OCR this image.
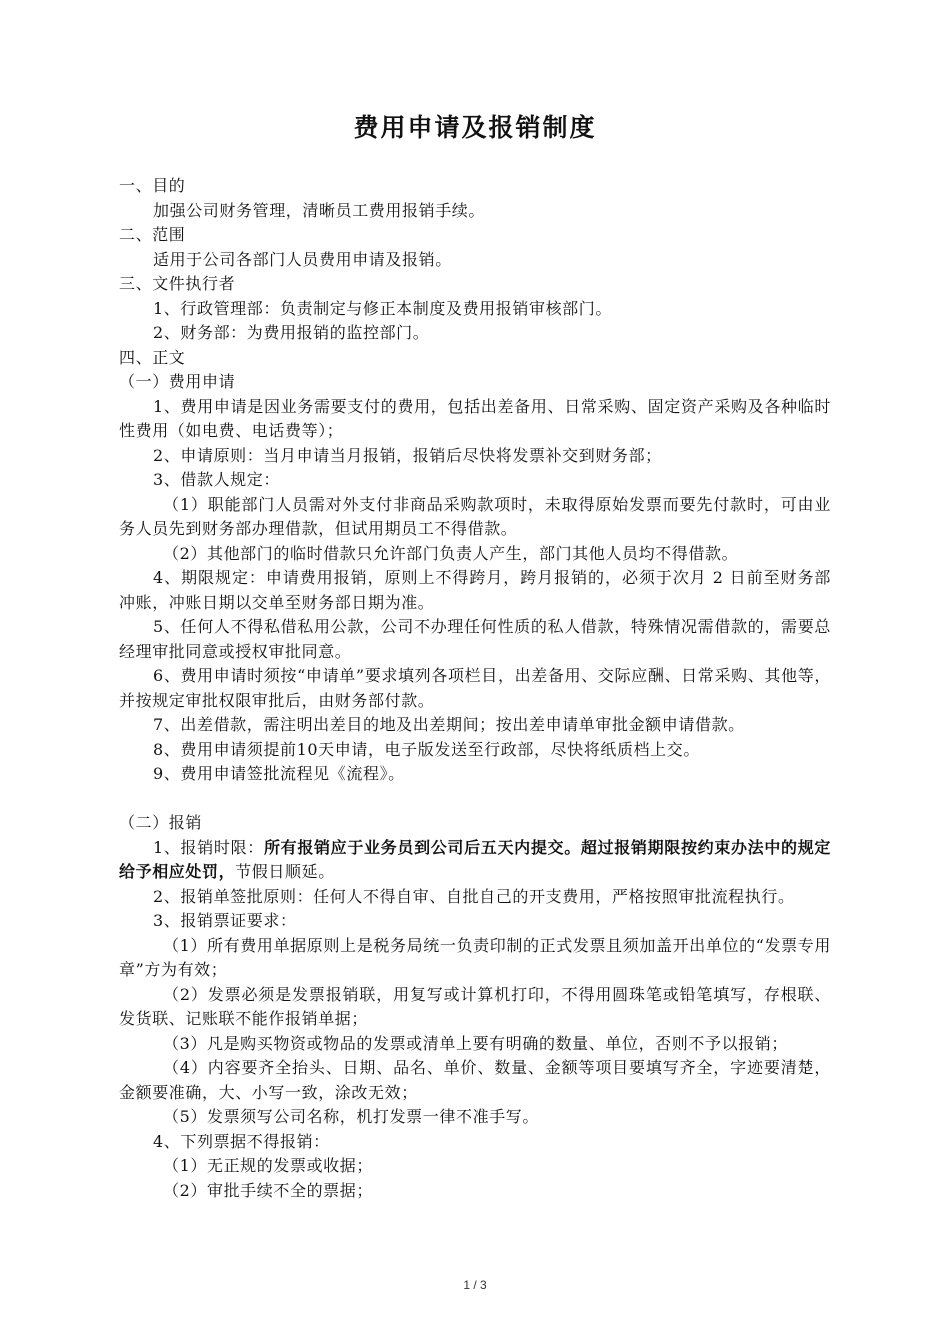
费用申请及报销制度
一、目的
加强公司财务管理，清晰员工费用报销手续。
二、范围
适用于公司各部门人员费用申请及报销。
三、文件执行者
1、行政管理部：负责制定与修正本制度及费用报销审核部门。
2、财务部：为费用报销的监控部门。
四、正文
（一）费用申请
1、费用申请是因业务需要支付的费用，包括出差备用、日常采购、固定资产采购及各种临时性费用（如电费、电话费等）；
2、申请原则：当月申请当月报销，报销后尽快将发票补交到财务部；
3、借款人规定：
（1）职能部门人员需对外支付非商品采购款项时，未取得原始发票而要先付款时，可由业务人员先到财务部办理借款，但试用期员工不得借款。
（2）其他部门的临时借款只允许部门负责人产生，部门其他人员均不得借款。
4、期限规定：申请费用报销，原则上不得跨月，跨月报销的，必须于次月 2 日前至财务部冲账，冲账日期以交单至财务部日期为准。
5、任何人不得私借私用公款，公司不办理任何性质的私人借款，特殊情况需借款的，需要总经理审批同意或授权审批同意。
6、费用申请时须按“申请单”要求填列各项栏目，出差备用、交际应酬、日常采购、其他等，并按规定审批权限审批后，由财务部付款。
7、出差借款，需注明出差目的地及出差期间；按出差申请单审批金额申请借款。
8、费用申请须提前10天申请，电子版发送至行政部，尽快将纸质档上交。
9、费用申请签批流程见《流程》。
（二）报销
1、报销时限：所有报销应于业务员到公司后五天内提交。超过报销期限按约束办法中的规定给予相应处罚，节假日顺延。
2、报销单签批原则：任何人不得自审、自批自己的开支费用，严格按照审批流程执行。
3、报销票证要求：
（1）所有费用单据原则上是税务局统一负责印制的正式发票且须加盖开出单位的“发票专用章”方为有效；
（2）发票必须是发票报销联，用复写或计算机打印，不得用圆珠笔或铅笔填写，存根联、发货联、记账联不能作报销单据；
（3）凡是购买物资或物品的发票或清单上要有明确的数量、单位，否则不予以报销；
（4）内容要齐全抬头、日期、品名、单价、数量、金额等项目要填写齐全，字迹要清楚，金额要准确，大、小写一致，涂改无效；
（5）发票须写公司名称，机打发票一律不准手写。
4、下列票据不得报销：
（1）无正规的发票或收据；
（2）审批手续不全的票据；
1 / 3
